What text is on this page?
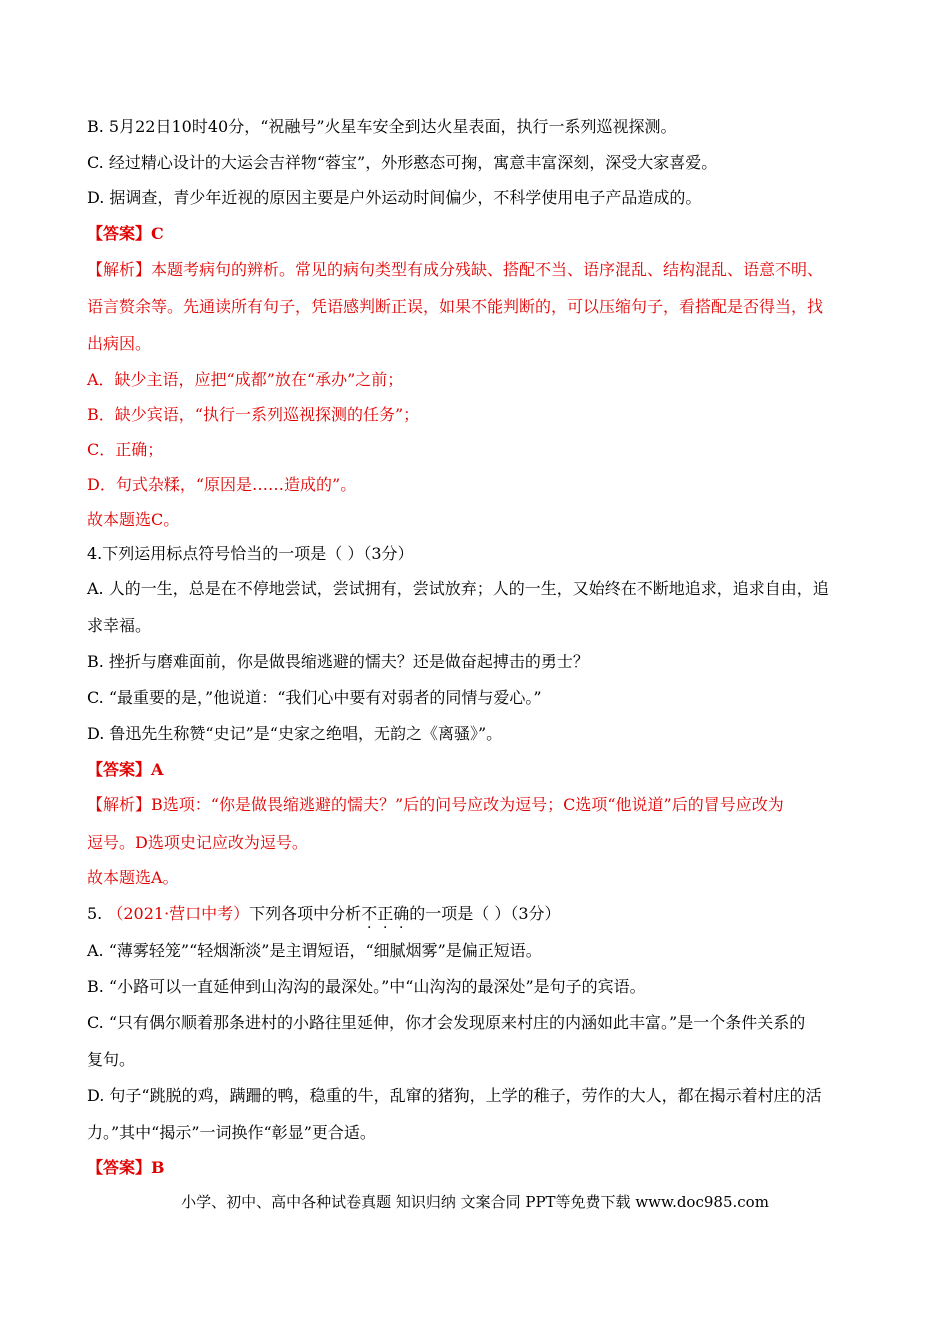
B. 5月22日10时40分，“祝融号”火星车安全到达火星表面，执行一系列巡视探测。
C. 经过精心设计的大运会吉祥物“蓉宝”，外形憨态可掬，寓意丰富深刻，深受大家喜爱。
D. 据调查，青少年近视的原因主要是户外运动时间偏少，不科学使用电子产品造成的。
【答案】C
【解析】本题考病句的辨析。常见的病句类型有成分残缺、搭配不当、语序混乱、结构混乱、语意不明、
语言赘余等。先通读所有句子，凭语感判断正误，如果不能判断的，可以压缩句子，看搭配是否得当，找
出病因。
A．缺少主语，应把“成都”放在“承办”之前；
B．缺少宾语，“执行一系列巡视探测的任务”；
C．正确；
D．句式杂糅，“原因是……造成的”。
故本题选C。
4.下列运用标点符号恰当的一项是（ ）（3分）
A. 人的一生，总是在不停地尝试，尝试拥有，尝试放弃；人的一生，又始终在不断地追求，追求自由，追
求幸福。
B. 挫折与磨难面前，你是做畏缩逃避的懦夫？还是做奋起搏击的勇士？
C. “最重要的是，”他说道：“我们心中要有对弱者的同情与爱心。”
D. 鲁迅先生称赞“史记”是“史家之绝唱，无韵之《离骚》”。
【答案】A
【解析】B选项：“你是做畏缩逃避的懦夫？”后的问号应改为逗号；C选项“他说道”后的冒号应改为
逗号。D选项史记应改为逗号。
故本题选A。
5. （2021·营口中考）下列各项中分析不正确的一项是（ ）（3分）
A. “薄雾轻笼”“轻烟渐淡”是主谓短语，“细腻烟雾”是偏正短语。
B. “小路可以一直延伸到山沟沟的最深处。”中“山沟沟的最深处”是句子的宾语。
C. “只有偶尔顺着那条进村的小路往里延伸，你才会发现原来村庄的内涵如此丰富。”是一个条件关系的
复句。
D. 句子“跳脱的鸡，蹒跚的鸭，稳重的牛，乱窜的猪狗，上学的稚子，劳作的大人，都在揭示着村庄的活
力。”其中“揭示”一词换作“彰显”更合适。
【答案】B
小学、初中、高中各种试卷真题 知识归纳 文案合同 PPT等免费下载 www.doc985.com
